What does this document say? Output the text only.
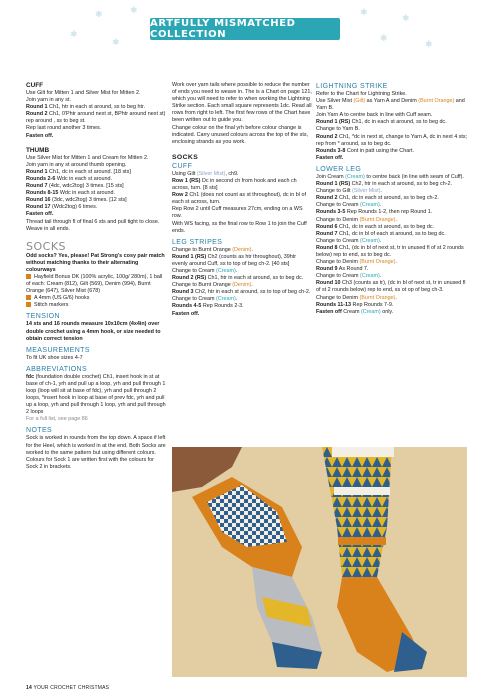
✱
✱
✱	✱
✱
✱
✱
✱
ARTFULLY MISMATCHED COLLECTION

CUFF

Use Gilt for Mitten 1 and Silver Mist for Mitten 2.

Join yarn in any st.

Round 1 Ch1, htr in each st around, ss to beg htr.

Round 2 Ch1, 0'Phtr around next st, BPhtr around next st) rep around , ss to beg st.

Rep last round another 3 times.

Fasten off.

THUMB

Use Silver Mist for Mitten 1 and Cream for Mitten 2.

Join yarn in any st around thumb opening.

Round 1 Ch1, dc in each st around. [18 sts]

Rounds 2-6 Wdc in each st around.

Round 7 (4dc, wdc2tog) 3 times. [15 sts]

Rounds 8-15 Wdc in each st around.

Round 16 (3dc, wdc2tog) 3 times. [12 sts]

Round 17 (Wdc2tog) 6 times.

Fasten off.

Thread tail through fl of final 6 sts and pull tight to close.

Weave in all ends.

SOCKS

Odd socks? Yes, please! Pat Strong's cosy pair match without matching thanks to their alternating colourways

Hayfield Bonus DK (100% acrylic, 100g/ 280m), 1 ball of each: Cream (812), Gilt (569), Denim (994), Burnt Orange (647), Silver Mist (678)

A 4mm (US G/6) hooks

Stitch markers

TENSION

14 sts and 16 rounds measure 10x10cm (4x4in) over double crochet using a 4mm hook, or size needed to obtain correct tension

MEASUREMENTS

To fit UK shoe sizes 4-7

ABBREVIATIONS

fdc (foundation double crochet) Ch1, insert hook in st at base of ch-1, yrh and pull up a loop, yrh and pull through 1 loop (loop will sit at base of fdc), yrh and pull through 2 loops, *insert hook in loop at base of prev fdc, yrh and pull up a loop, yrh and pull through 1 loop, yrh and pull through 2 loops

For a full list, see page 86

NOTES

Sock is worked in rounds from the top down. A space if left for the Heel, which is worked in at the end. Both Socks are worked to the same pattern but using different colours. Colours for Sock 1 are written first with the colours for Sock 2 in brackets.

Work over yarn tails where possible to reduce the number of ends you need to weave in. The is a Chart on page 121, which you will need to refer to when working the Lightning Strike section. Each small square represents 1dc. Read all rows from right to left. The first few rows of the Chart have been written out to guide you.

Change colour on the final yrh before colour change is indicated. Carry unused colours across the top of the sts, enclosing strands as you work.

SOCKS

CUFF

Using Gilt (Silver Mist), ch9.

Row 1 (RS) Dc in second ch from hook and each ch across, turn. [8 sts]

Row 2 Ch1 (does not count as st throughout), dc in bl of each st across, turn.

Rep Row 2 until Cuff measures 27cm, ending on a WS row.

With WS facing, ss the final row to Row 1 to join the Cuff ends.

LEG STRIPES

Change to Burnt Orange (Denim).

Round 1 (RS) Ch2 (counts as htr throughout), 39htr evenly around Cuff, ss to top of beg ch-2. [40 sts]

Change to Cream (Cream).

Round 2 (RS) Ch1, htr in each st around, ss to beg dc.

Change to Burnt Orange (Denim).

Round 3 Ch2, htr in each st around, ss to top of beg ch-2.

Change to Cream (Cream).

Rounds 4-5 Rep Rounds 2-3.

Fasten off.

LIGHTNING STRIKE

Refer to the Chart for Lightning Strike.

Use Silver Mist (Gilt) as Yarn A and Denim (Burnt Orange) and Yarn B.

Join Yarn A to centre back in line with Cuff seam.

Round 1 (RS) Ch1, dc in each st around, ss to beg dc.

Change to Yarn B.

Round 2 Ch1, *dc in next st, change to Yarn A, dc in next 4 sts; rep from * around, ss to beg dc.

Rounds 3-8 Cont in patt using the Chart.

Fasten off.

LOWER LEG

Join Cream (Cream) to centre back (in line with seam of Cuff).

Round 1 (RS) Ch2, htr in each st around, ss to beg ch-2.

Change to Gilt (Silver Mist).

Round 2 Ch1, dc in each st around, ss to beg ch-2.

Change to Cream (Cream).

Rounds 3-5 Rep Rounds 1-2, then rep Round 1.

Change to Denim (Burnt Orange).

Round 6 Ch1, dc in each st around, ss to beg dc.

Round 7 Ch1, dc in bl of each st around, ss to beg dc.

Change to Cream (Cream).

Round 8 Ch1, (dc in bl of next st, tr in unused fl of st 2 rounds below) rep to end, ss to beg dc.

Change to Denim (Burnt Orange).

Round 9 As Round 7.

Change to Cream (Cream).

Round 10 Ch3 (counts as tr), (dc in bl of next st, tr in unused fl of st 2 rounds below) rep to end, ss ot op of beg ch-3.

Change to Denim (Burnt Orange).

Rounds 11-13 Rep Rounds 7-9.

Fasten off Cream (Cream) only.

14 YOUR CROCHET CHRISTMAS
